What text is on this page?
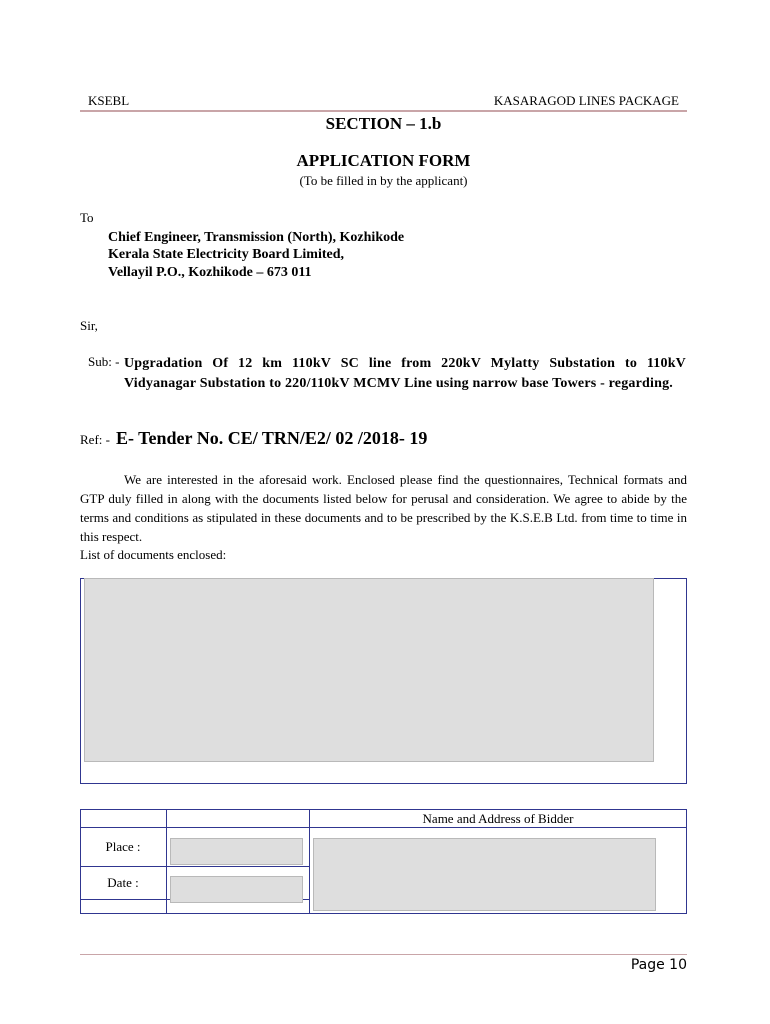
KSEBL	KASARAGOD LINES PACKAGE
SECTION – 1.b
APPLICATION FORM
(To be filled in by the applicant)
To
Chief Engineer, Transmission (North), Kozhikode
Kerala State Electricity Board Limited,
Vellayil P.O., Kozhikode – 673 011
Sir,
Sub: - Upgradation Of 12 km 110kV SC line from 220kV Mylatty Substation to 110kV Vidyanagar Substation to 220/110kV MCMV Line using narrow base Towers - regarding.
Ref: - E- Tender No. CE/ TRN/E2/ 02 /2018- 19
We are interested in the aforesaid work. Enclosed please find the questionnaires, Technical formats and GTP duly filled in along with the documents listed below for perusal and consideration. We agree to abide by the terms and conditions as stipulated in these documents and to be prescribed by the K.S.E.B Ltd. from time to time in this respect.
List of documents enclosed:
Name and Address of Bidder
Place :
Date :
Page 10
